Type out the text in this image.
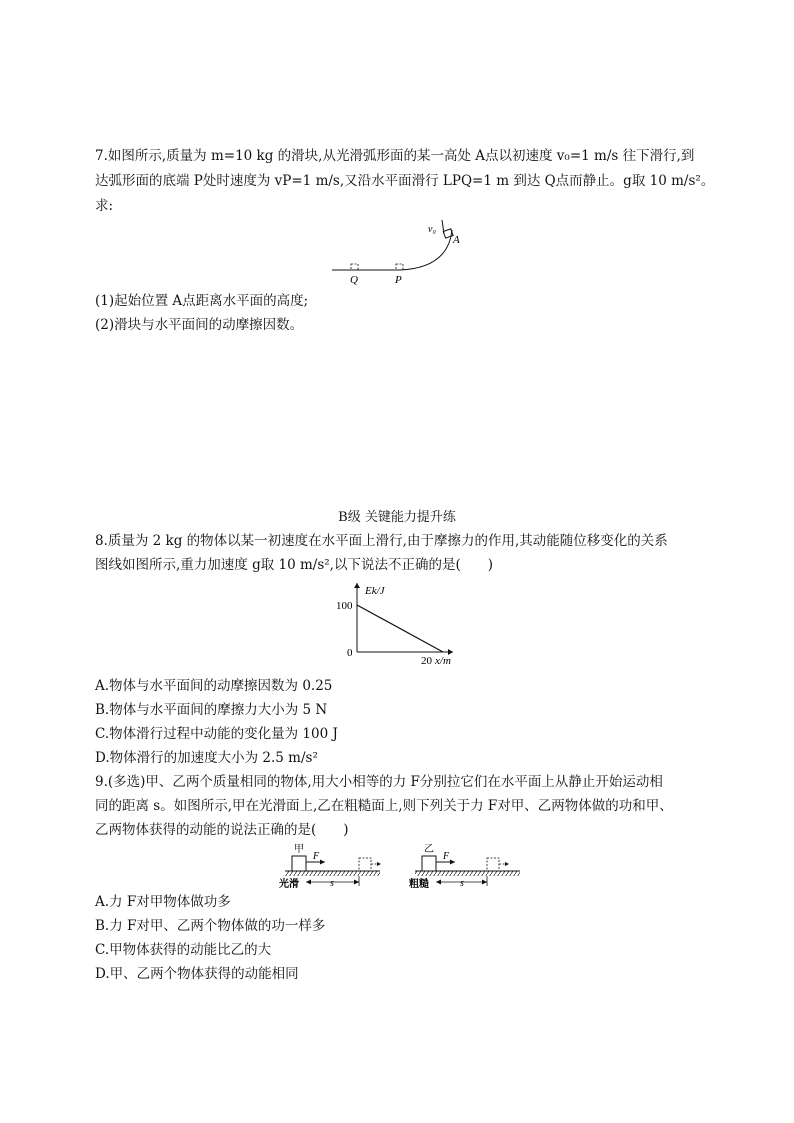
7.如图所示,质量为 m=10 kg 的滑块,从光滑弧形面的某一高处 A点以初速度 v₀=1 m/s 往下滑行,到
达弧形面的底端 P处时速度为 vP=1 m/s,又沿水平面滑行 LPQ=1 m 到达 Q点而静止。g取 10 m/s²。
求:
v₀
A
Q	P
(1)起始位置 A点距离水平面的高度;
(2)滑块与水平面间的动摩擦因数。
B级 关键能力提升练
8.质量为 2 kg 的物体以某一初速度在水平面上滑行,由于摩擦力的作用,其动能随位移变化的关系
图线如图所示,重力加速度 g取 10 m/s²,以下说法不正确的是(　　)
Ek/J
100
0
20 x/m
A.物体与水平面间的动摩擦因数为 0.25
B.物体与水平面间的摩擦力大小为 5 N
C.物体滑行过程中动能的变化量为 100 J
D.物体滑行的加速度大小为 2.5 m/s²
9.(多选)甲、乙两个质量相同的物体,用大小相等的力 F分别拉它们在水平面上从静止开始运动相
同的距离 s。如图所示,甲在光滑面上,乙在粗糙面上,则下列关于力 F对甲、乙两物体做的功和甲、
乙两物体获得的动能的说法正确的是(　　)
甲
F
光滑	s
乙
F
粗糙	s
A.力 F对甲物体做功多
B.力 F对甲、乙两个物体做的功一样多
C.甲物体获得的动能比乙的大
D.甲、乙两个物体获得的动能相同
